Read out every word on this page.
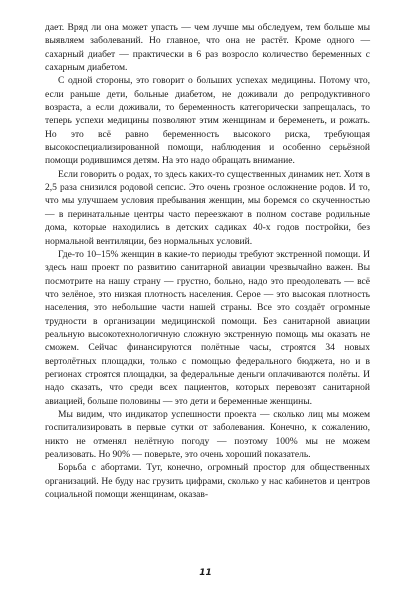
дает. Вряд ли она может упасть — чем лучше мы обследуем, тем больше мы выявляем заболеваний. Но главное, что она не растёт. Кроме одного — сахарный диабет — практически в 6 раз возросло количество беременных с сахарным диабетом.

С одной стороны, это говорит о больших успехах медицины. Потому что, если раньше дети, больные диабетом, не доживали до репродуктивного возраста, а если доживали, то беременность категорически запрещалась, то теперь успехи медицины позволяют этим женщинам и беременеть, и рожать. Но это всё равно беременность высокого риска, требующая высокоспециализированной помощи, наблюдения и особенно серьёзной помощи родившимся детям. На это надо обращать внимание.

Если говорить о родах, то здесь каких-то существенных динамик нет. Хотя в 2,5 раза снизился родовой сепсис. Это очень грозное осложнение родов. И то, что мы улучшаем условия пребывания женщин, мы боремся со скученностью — в перинатальные центры часто переезжают в полном составе родильные дома, которые находились в детских садиках 40-х годов постройки, без нормальной вентиляции, без нормальных условий.

Где-то 10–15% женщин в какие-то периоды требуют экстренной помощи. И здесь наш проект по развитию санитарной авиации чрезвычайно важен. Вы посмотрите на нашу страну — грустно, больно, надо это преодолевать — всё что зелёное, это низкая плотность населения. Серое — это высокая плотность населения, это небольшие части нашей страны. Все это создаёт огромные трудности в организации медицинской помощи. Без санитарной авиации реальную высокотехнологичную сложную экстренную помощь мы оказать не сможем. Сейчас финансируются полётные часы, строятся 34 новых вертолётных площадки, только с помощью федерального бюджета, но и в регионах строятся площадки, за федеральные деньги оплачиваются полёты. И надо сказать, что среди всех пациентов, которых перевозят санитарной авиацией, больше половины — это дети и беременные женщины.

Мы видим, что индикатор успешности проекта — сколько лиц мы можем госпитализировать в первые сутки от заболевания. Конечно, к сожалению, никто не отменял нелётную погоду — поэтому 100% мы не можем реализовать. Но 90% — поверьте, это очень хороший показатель.

Борьба с абортами. Тут, конечно, огромный простор для общественных организаций. Не буду нас грузить цифрами, сколько у нас кабинетов и центров социальной помощи женщинам, оказав-

11
